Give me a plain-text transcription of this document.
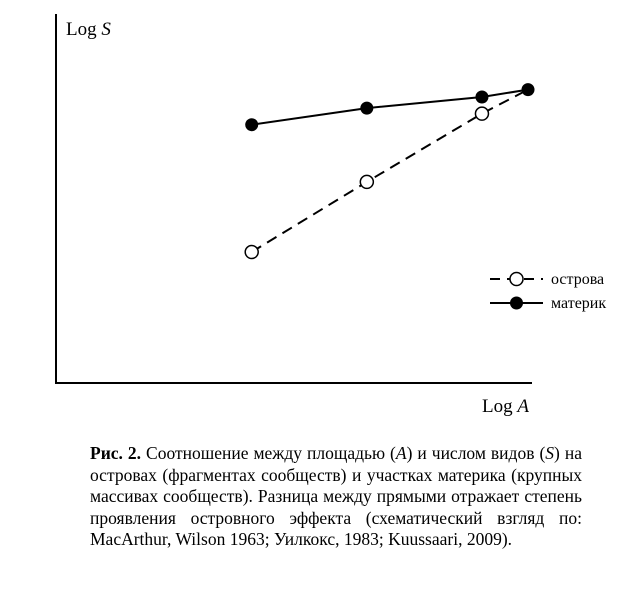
Log S
Log A
острова
материк
Рис. 2. Соотношение между площадью (A) и числом видов (S) на островах (фрагментах сообществ) и участках материка (крупных массивах сообществ). Разница между прямыми отражает степень проявления островного эффекта (схематический взгляд по: MacArthur, Wilson 1963; Уилкокс, 1983; Kuussaari, 2009).
